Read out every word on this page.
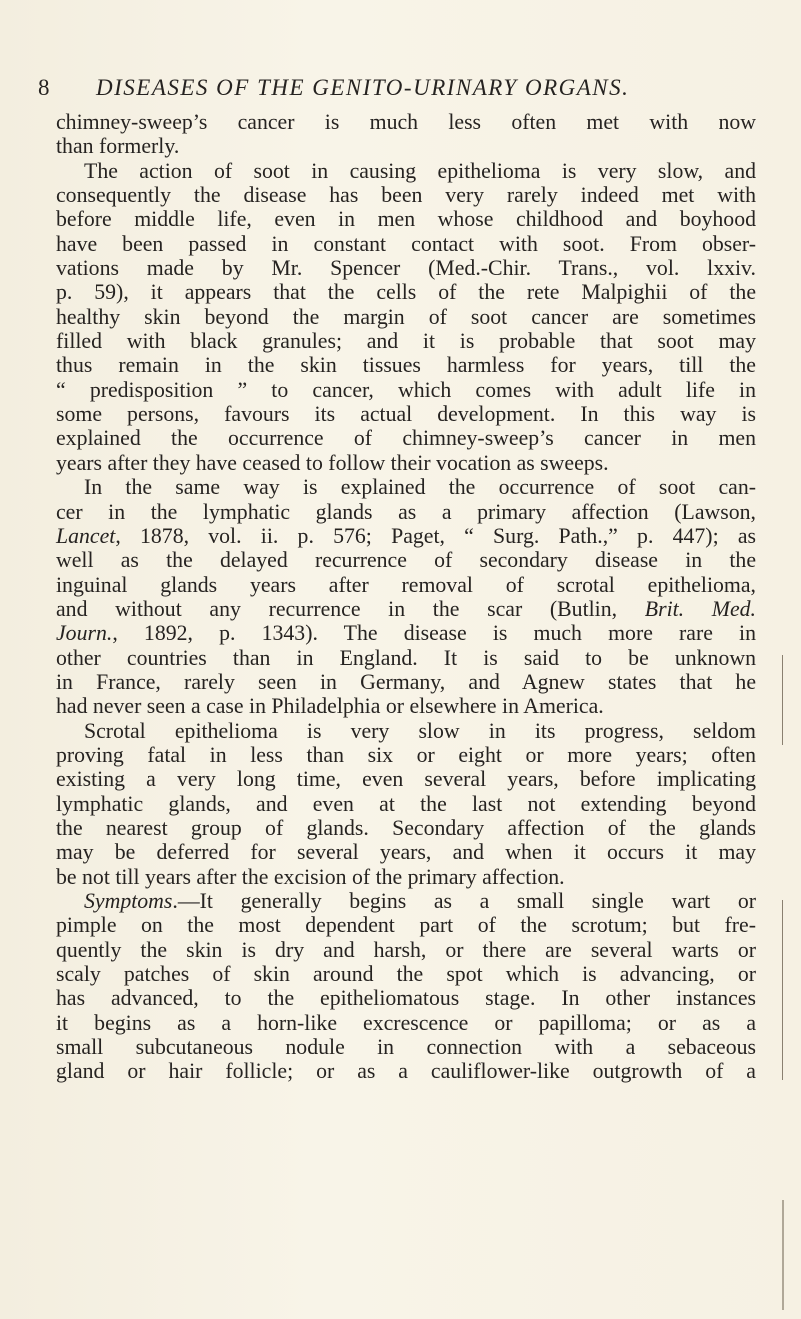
8 DISEASES OF THE GENITO-URINARY ORGANS.
chimney-sweep’s cancer is much less often met with now
than formerly.
The action of soot in causing epithelioma is very slow, and
consequently the disease has been very rarely indeed met with
before middle life, even in men whose childhood and boyhood
have been passed in constant contact with soot. From obser-
vations made by Mr. Spencer (Med.-Chir. Trans., vol. lxxiv.
p. 59), it appears that the cells of the rete Malpighii of the
healthy skin beyond the margin of soot cancer are sometimes
filled with black granules; and it is probable that soot may
thus remain in the skin tissues harmless for years, till the
“ predisposition ” to cancer, which comes with adult life in
some persons, favours its actual development. In this way is
explained the occurrence of chimney-sweep’s cancer in men
years after they have ceased to follow their vocation as sweeps.
In the same way is explained the occurrence of soot can-
cer in the lymphatic glands as a primary affection (Lawson,
Lancet, 1878, vol. ii. p. 576; Paget, “ Surg. Path.,” p. 447); as
well as the delayed recurrence of secondary disease in the
inguinal glands years after removal of scrotal epithelioma,
and without any recurrence in the scar (Butlin, Brit. Med.
Journ., 1892, p. 1343). The disease is much more rare in
other countries than in England. It is said to be unknown
in France, rarely seen in Germany, and Agnew states that he
had never seen a case in Philadelphia or elsewhere in America.
Scrotal epithelioma is very slow in its progress, seldom
proving fatal in less than six or eight or more years; often
existing a very long time, even several years, before implicating
lymphatic glands, and even at the last not extending beyond
the nearest group of glands. Secondary affection of the glands
may be deferred for several years, and when it occurs it may
be not till years after the excision of the primary affection.
Symptoms.—It generally begins as a small single wart or
pimple on the most dependent part of the scrotum; but fre-
quently the skin is dry and harsh, or there are several warts or
scaly patches of skin around the spot which is advancing, or
has advanced, to the epitheliomatous stage. In other instances
it begins as a horn-like excrescence or papilloma; or as a
small subcutaneous nodule in connection with a sebaceous
gland or hair follicle; or as a cauliflower-like outgrowth of a
